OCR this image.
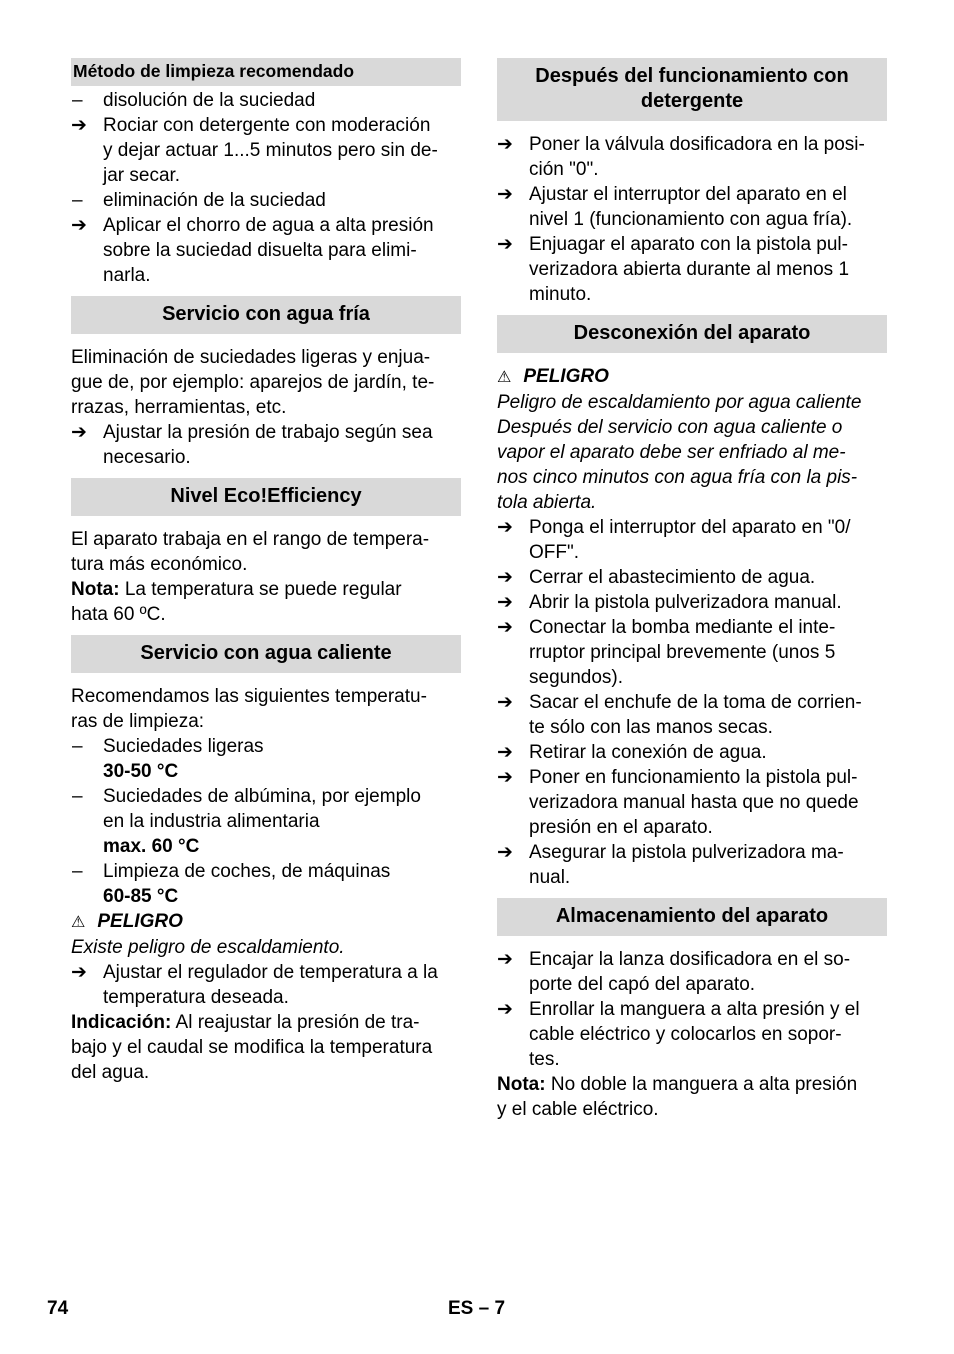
Método de limpieza recomendado
–	disolución de la suciedad
➔ Rociar con detergente con moderación
y dejar actuar 1...5 minutos pero sin de-
jar secar.
–	eliminación de la suciedad
➔ Aplicar el chorro de agua a alta presión
sobre la suciedad disuelta para elimi-
narla.
Servicio con agua fría
Eliminación de suciedades ligeras y enjua-
gue de, por ejemplo: aparejos de jardín, te-
rrazas, herramientas, etc.
➔ Ajustar la presión de trabajo según sea
necesario.
Nivel Eco!Efficiency
El aparato trabaja en el rango de tempera-
tura más económico.
Nota: La temperatura se puede regular
hata 60 ºC.
Servicio con agua caliente
Recomendamos las siguientes temperatu-
ras de limpieza:
–	Suciedades ligeras
30-50 °C
–	Suciedades de albúmina, por ejemplo
en la industria alimentaria
max. 60 °C
–	Limpieza de coches, de máquinas
60-85 °C
⚠ PELIGRO
Existe peligro de escaldamiento.
➔ Ajustar el regulador de temperatura a la
temperatura deseada.
Indicación: Al reajustar la presión de tra-
bajo y el caudal se modifica la temperatura
del agua.
Después del funcionamiento con detergente
➔ Poner la válvula dosificadora en la posi-
ción "0".
➔ Ajustar el interruptor del aparato en el
nivel 1 (funcionamiento con agua fría).
➔ Enjuagar el aparato con la pistola pul-
verizadora abierta durante al menos 1
minuto.
Desconexión del aparato
⚠ PELIGRO
Peligro de escaldamiento por agua caliente
Después del servicio con agua caliente o
vapor el aparato debe ser enfriado al me-
nos cinco minutos con agua fría con la pis-
tola abierta.
➔ Ponga el interruptor del aparato en "0/
OFF".
➔ Cerrar el abastecimiento de agua.
➔ Abrir la pistola pulverizadora manual.
➔ Conectar la bomba mediante el inte-
rruptor principal brevemente (unos 5
segundos).
➔ Sacar el enchufe de la toma de corrien-
te sólo con las manos secas.
➔ Retirar la conexión de agua.
➔ Poner en funcionamiento la pistola pul-
verizadora manual hasta que no quede
presión en el aparato.
➔ Asegurar la pistola pulverizadora ma-
nual.
Almacenamiento del aparato
➔ Encajar la lanza dosificadora en el so-
porte del capó del aparato.
➔ Enrollar la manguera a alta presión y el
cable eléctrico y colocarlos en sopor-
tes.
Nota: No doble la manguera a alta presión
y el cable eléctrico.
74	ES – 7
